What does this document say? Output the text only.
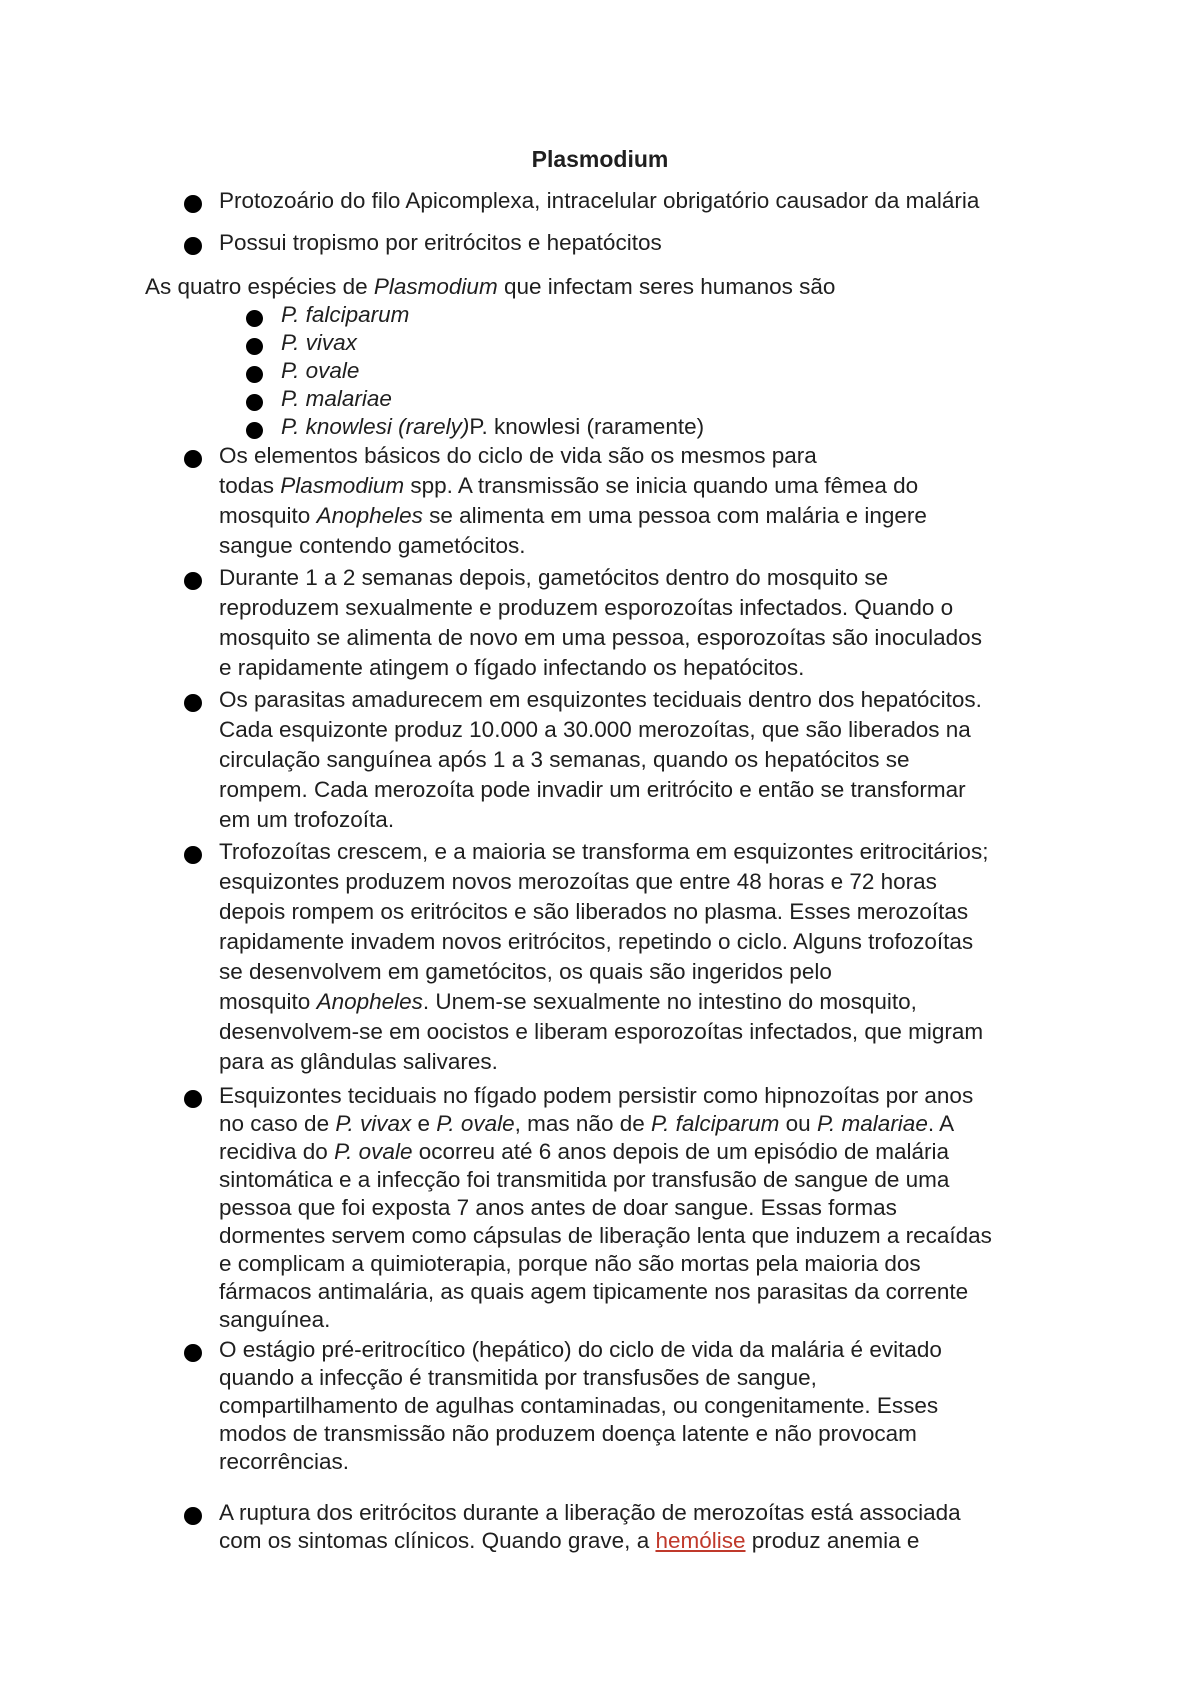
Plasmodium
Protozoário do filo Apicomplexa, intracelular obrigatório causador da malária
Possui tropismo por eritrócitos e hepatócitos
As quatro espécies de Plasmodium que infectam seres humanos são
P. falciparum
P. vivax
P. ovale
P. malariae
P. knowlesi (rarely)P. knowlesi (raramente)
Os elementos básicos do ciclo de vida são os mesmos para
todas Plasmodium spp. A transmissão se inicia quando uma fêmea do
mosquito Anopheles se alimenta em uma pessoa com malária e ingere
sangue contendo gametócitos.
Durante 1 a 2 semanas depois, gametócitos dentro do mosquito se
reproduzem sexualmente e produzem esporozoítas infectados. Quando o
mosquito se alimenta de novo em uma pessoa, esporozoítas são inoculados
e rapidamente atingem o fígado infectando os hepatócitos.
Os parasitas amadurecem em esquizontes teciduais dentro dos hepatócitos.
Cada esquizonte produz 10.000 a 30.000 merozoítas, que são liberados na
circulação sanguínea após 1 a 3 semanas, quando os hepatócitos se
rompem. Cada merozoíta pode invadir um eritrócito e então se transformar
em um trofozoíta.
Trofozoítas crescem, e a maioria se transforma em esquizontes eritrocitários;
esquizontes produzem novos merozoítas que entre 48 horas e 72 horas
depois rompem os eritrócitos e são liberados no plasma. Esses merozoítas
rapidamente invadem novos eritrócitos, repetindo o ciclo. Alguns trofozoítas
se desenvolvem em gametócitos, os quais são ingeridos pelo
mosquito Anopheles. Unem-se sexualmente no intestino do mosquito,
desenvolvem-se em oocistos e liberam esporozoítas infectados, que migram
para as glândulas salivares.
Esquizontes teciduais no fígado podem persistir como hipnozoítas por anos
no caso de P. vivax e P. ovale, mas não de P. falciparum ou P. malariae. A
recidiva do P. ovale ocorreu até 6 anos depois de um episódio de malária
sintomática e a infecção foi transmitida por transfusão de sangue de uma
pessoa que foi exposta 7 anos antes de doar sangue. Essas formas
dormentes servem como cápsulas de liberação lenta que induzem a recaídas
e complicam a quimioterapia, porque não são mortas pela maioria dos
fármacos antimalária, as quais agem tipicamente nos parasitas da corrente
sanguínea.
O estágio pré-eritrocítico (hepático) do ciclo de vida da malária é evitado
quando a infecção é transmitida por transfusões de sangue,
compartilhamento de agulhas contaminadas, ou congenitamente. Esses
modos de transmissão não produzem doença latente e não provocam
recorrências.
A ruptura dos eritrócitos durante a liberação de merozoítas está associada
com os sintomas clínicos. Quando grave, a hemólise produz anemia e
